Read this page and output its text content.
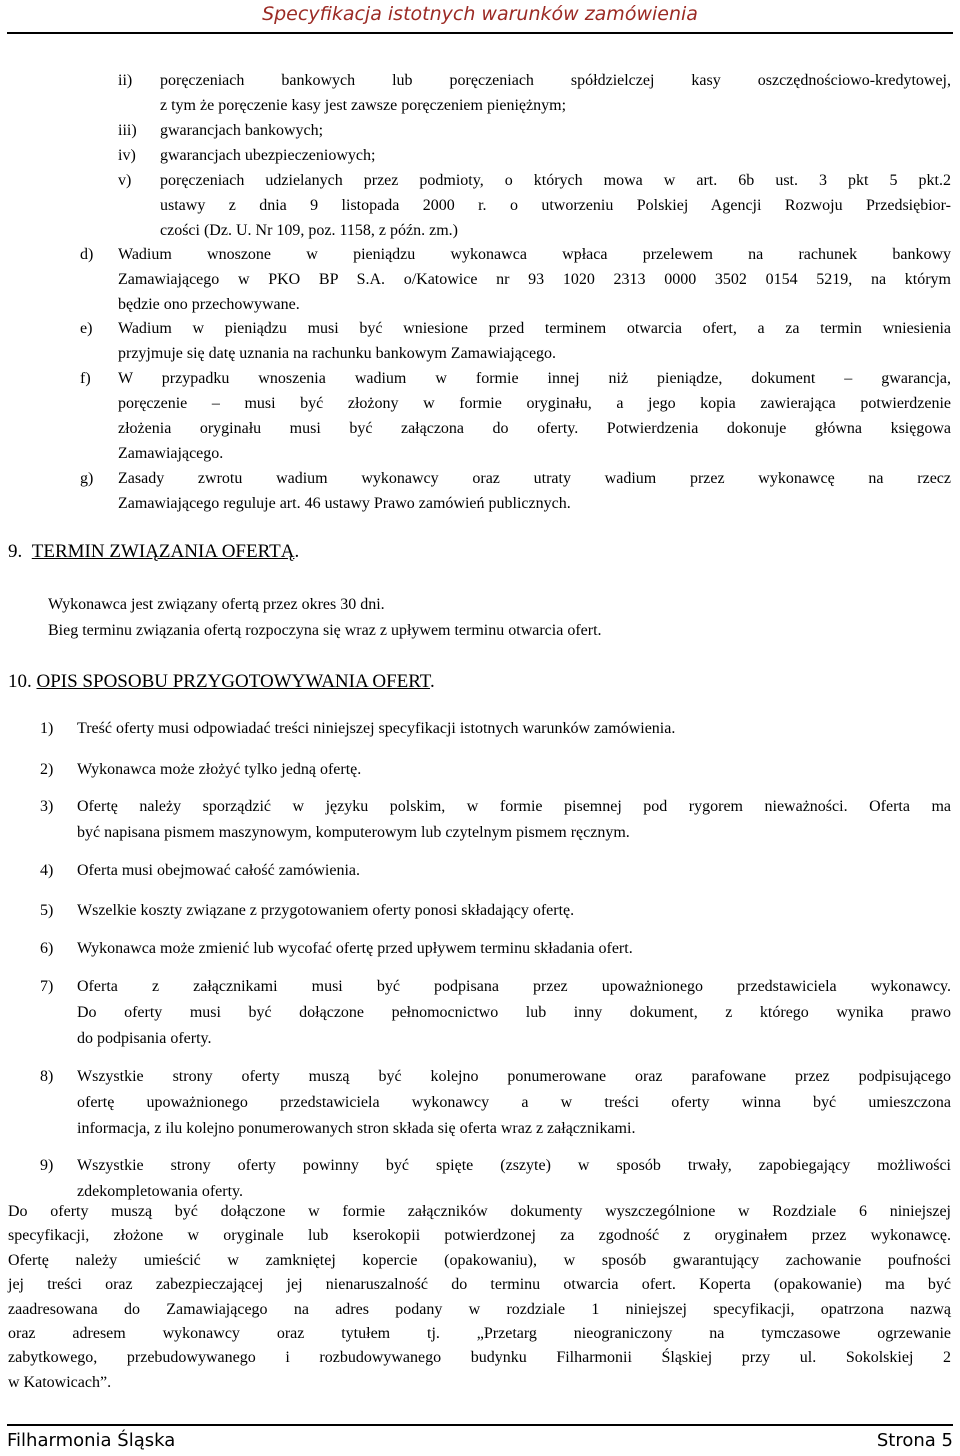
Specyfikacja istotnych warunków zamówienia
ii) poręczeniach bankowych lub poręczeniach spółdzielczej kasy oszczędnościowo-kredytowej,
z tym że poręczenie kasy jest zawsze poręczeniem pieniężnym;
iii) gwarancjach bankowych;
iv) gwarancjach ubezpieczeniowych;
v) poręczeniach udzielanych przez podmioty, o których mowa w art. 6b ust. 3 pkt 5 pkt.2
ustawy z dnia 9 listopada 2000 r. o utworzeniu Polskiej Agencji Rozwoju Przedsiębior-
czości (Dz. U. Nr 109, poz. 1158, z późn. zm.)
d) Wadium wnoszone w pieniądzu wykonawca wpłaca przelewem na rachunek bankowy
Zamawiającego w PKO BP S.A. o/Katowice nr 93 1020 2313 0000 3502 0154 5219, na którym
będzie ono przechowywane.
e) Wadium w pieniądzu musi być wniesione przed terminem otwarcia ofert, a za termin wniesienia
przyjmuje się datę uznania na rachunku bankowym Zamawiającego.
f) W przypadku wnoszenia wadium w formie innej niż pieniądze, dokument – gwarancja,
poręczenie – musi być złożony w formie oryginału, a jego kopia zawierająca potwierdzenie
złożenia oryginału musi być załączona do oferty. Potwierdzenia dokonuje główna księgowa
Zamawiającego.
g) Zasady zwrotu wadium wykonawcy oraz utraty wadium przez wykonawcę na rzecz
Zamawiającego reguluje art. 46 ustawy Prawo zamówień publicznych.
9. TERMIN ZWIĄZANIA OFERTĄ.
Wykonawca jest związany ofertą przez okres 30 dni.
Bieg terminu związania ofertą rozpoczyna się wraz z upływem terminu otwarcia ofert.
10. OPIS SPOSOBU PRZYGOTOWYWANIA OFERT.
1) Treść oferty musi odpowiadać treści niniejszej specyfikacji istotnych warunków zamówienia.
2) Wykonawca może złożyć tylko jedną ofertę.
3) Ofertę należy sporządzić w języku polskim, w formie pisemnej pod rygorem nieważności. Oferta ma
być napisana pismem maszynowym, komputerowym lub czytelnym pismem ręcznym.
4) Oferta musi obejmować całość zamówienia.
5) Wszelkie koszty związane z przygotowaniem oferty ponosi składający ofertę.
6) Wykonawca może zmienić lub wycofać ofertę przed upływem terminu składania ofert.
7) Oferta z załącznikami musi być podpisana przez upoważnionego przedstawiciela wykonawcy.
Do oferty musi być dołączone pełnomocnictwo lub inny dokument, z którego wynika prawo
do podpisania oferty.
8) Wszystkie strony oferty muszą być kolejno ponumerowane oraz parafowane przez podpisującego
ofertę upoważnionego przedstawiciela wykonawcy a w treści oferty winna być umieszczona
informacja, z ilu kolejno ponumerowanych stron składa się oferta wraz z załącznikami.
9) Wszystkie strony oferty powinny być spięte (zszyte) w sposób trwały, zapobiegający możliwości
zdekompletowania oferty.
Do oferty muszą być dołączone w formie załączników dokumenty wyszczególnione w Rozdziale 6 niniejszej
specyfikacji, złożone w oryginale lub kserokopii potwierdzonej za zgodność z oryginałem przez wykonawcę.
Ofertę należy umieścić w zamkniętej kopercie (opakowaniu), w sposób gwarantujący zachowanie poufności
jej treści oraz zabezpieczającej jej nienaruszalność do terminu otwarcia ofert. Koperta (opakowanie) ma być
zaadresowana do Zamawiającego na adres podany w rozdziale 1 niniejszej specyfikacji, opatrzona nazwą
oraz adresem wykonawcy oraz tytułem tj. „Przetarg nieograniczony na tymczasowe ogrzewanie
zabytkowego, przebudowywanego i rozbudowywanego budynku Filharmonii Śląskiej przy ul. Sokolskiej 2
w Katowicach”.
Filharmonia Śląska	Strona 5
